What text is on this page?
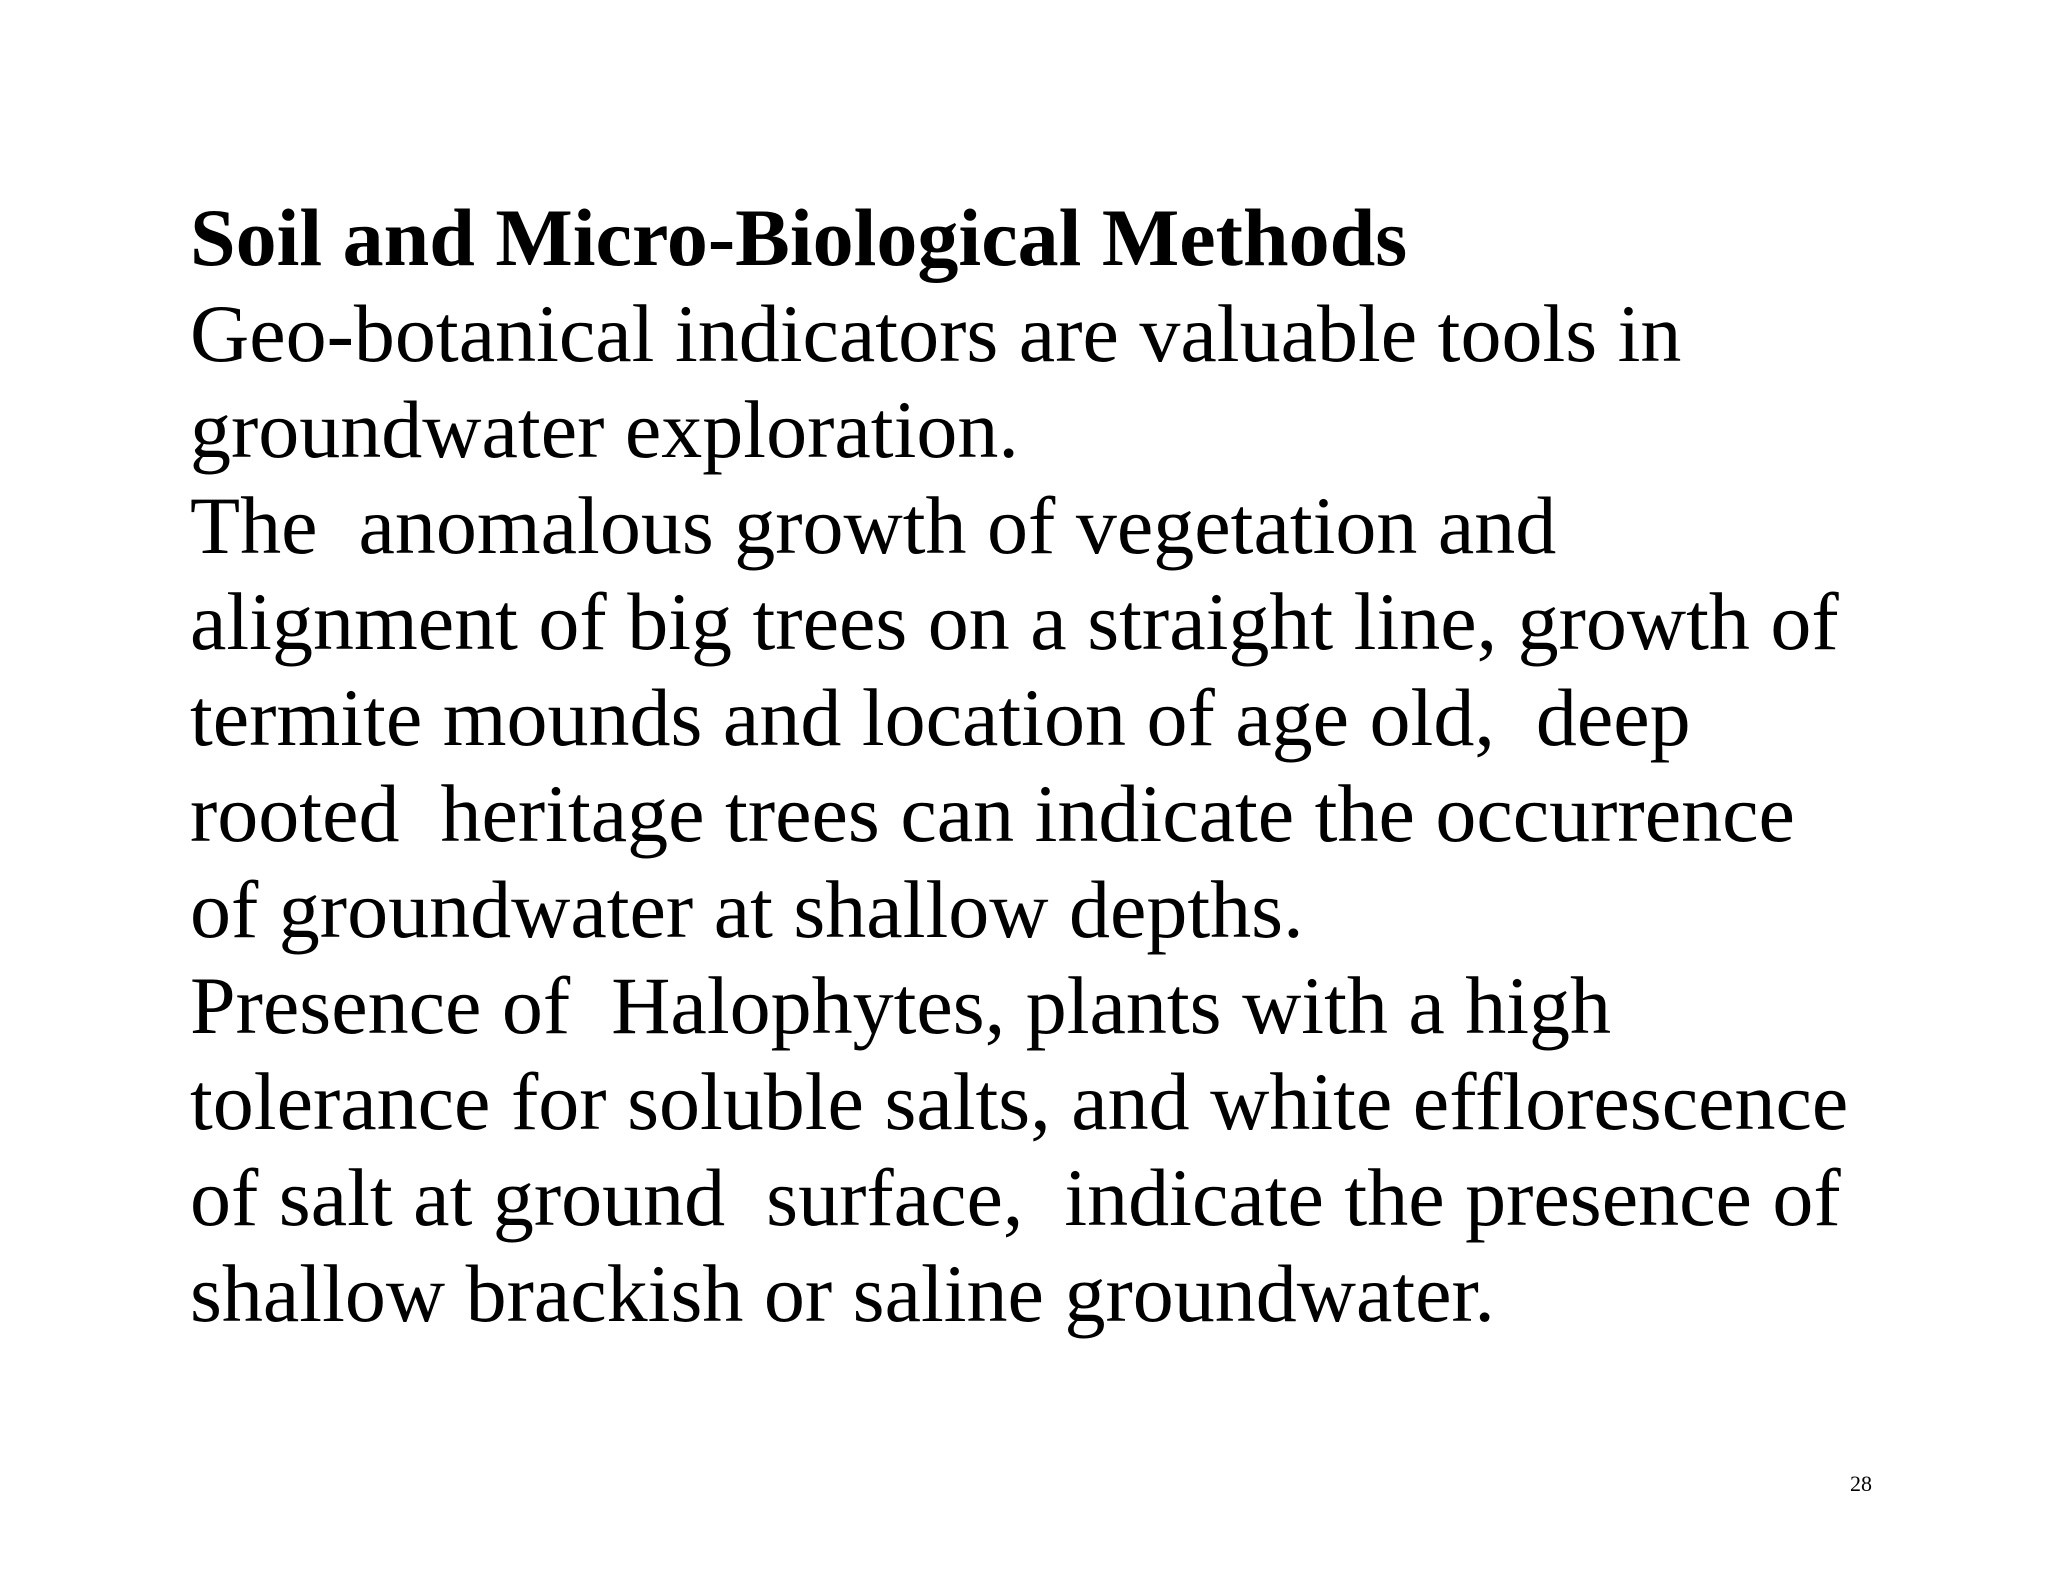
Soil and Micro-Biological Methods
Geo-botanical indicators are valuable tools in
groundwater exploration.
The  anomalous growth of vegetation and
alignment of big trees on a straight line, growth of
termite mounds and location of age old,  deep
rooted  heritage trees can indicate the occurrence
of groundwater at shallow depths.
Presence of  Halophytes, plants with a high
tolerance for soluble salts, and white efflorescence
of salt at ground  surface,  indicate the presence of
shallow brackish or saline groundwater.
28
